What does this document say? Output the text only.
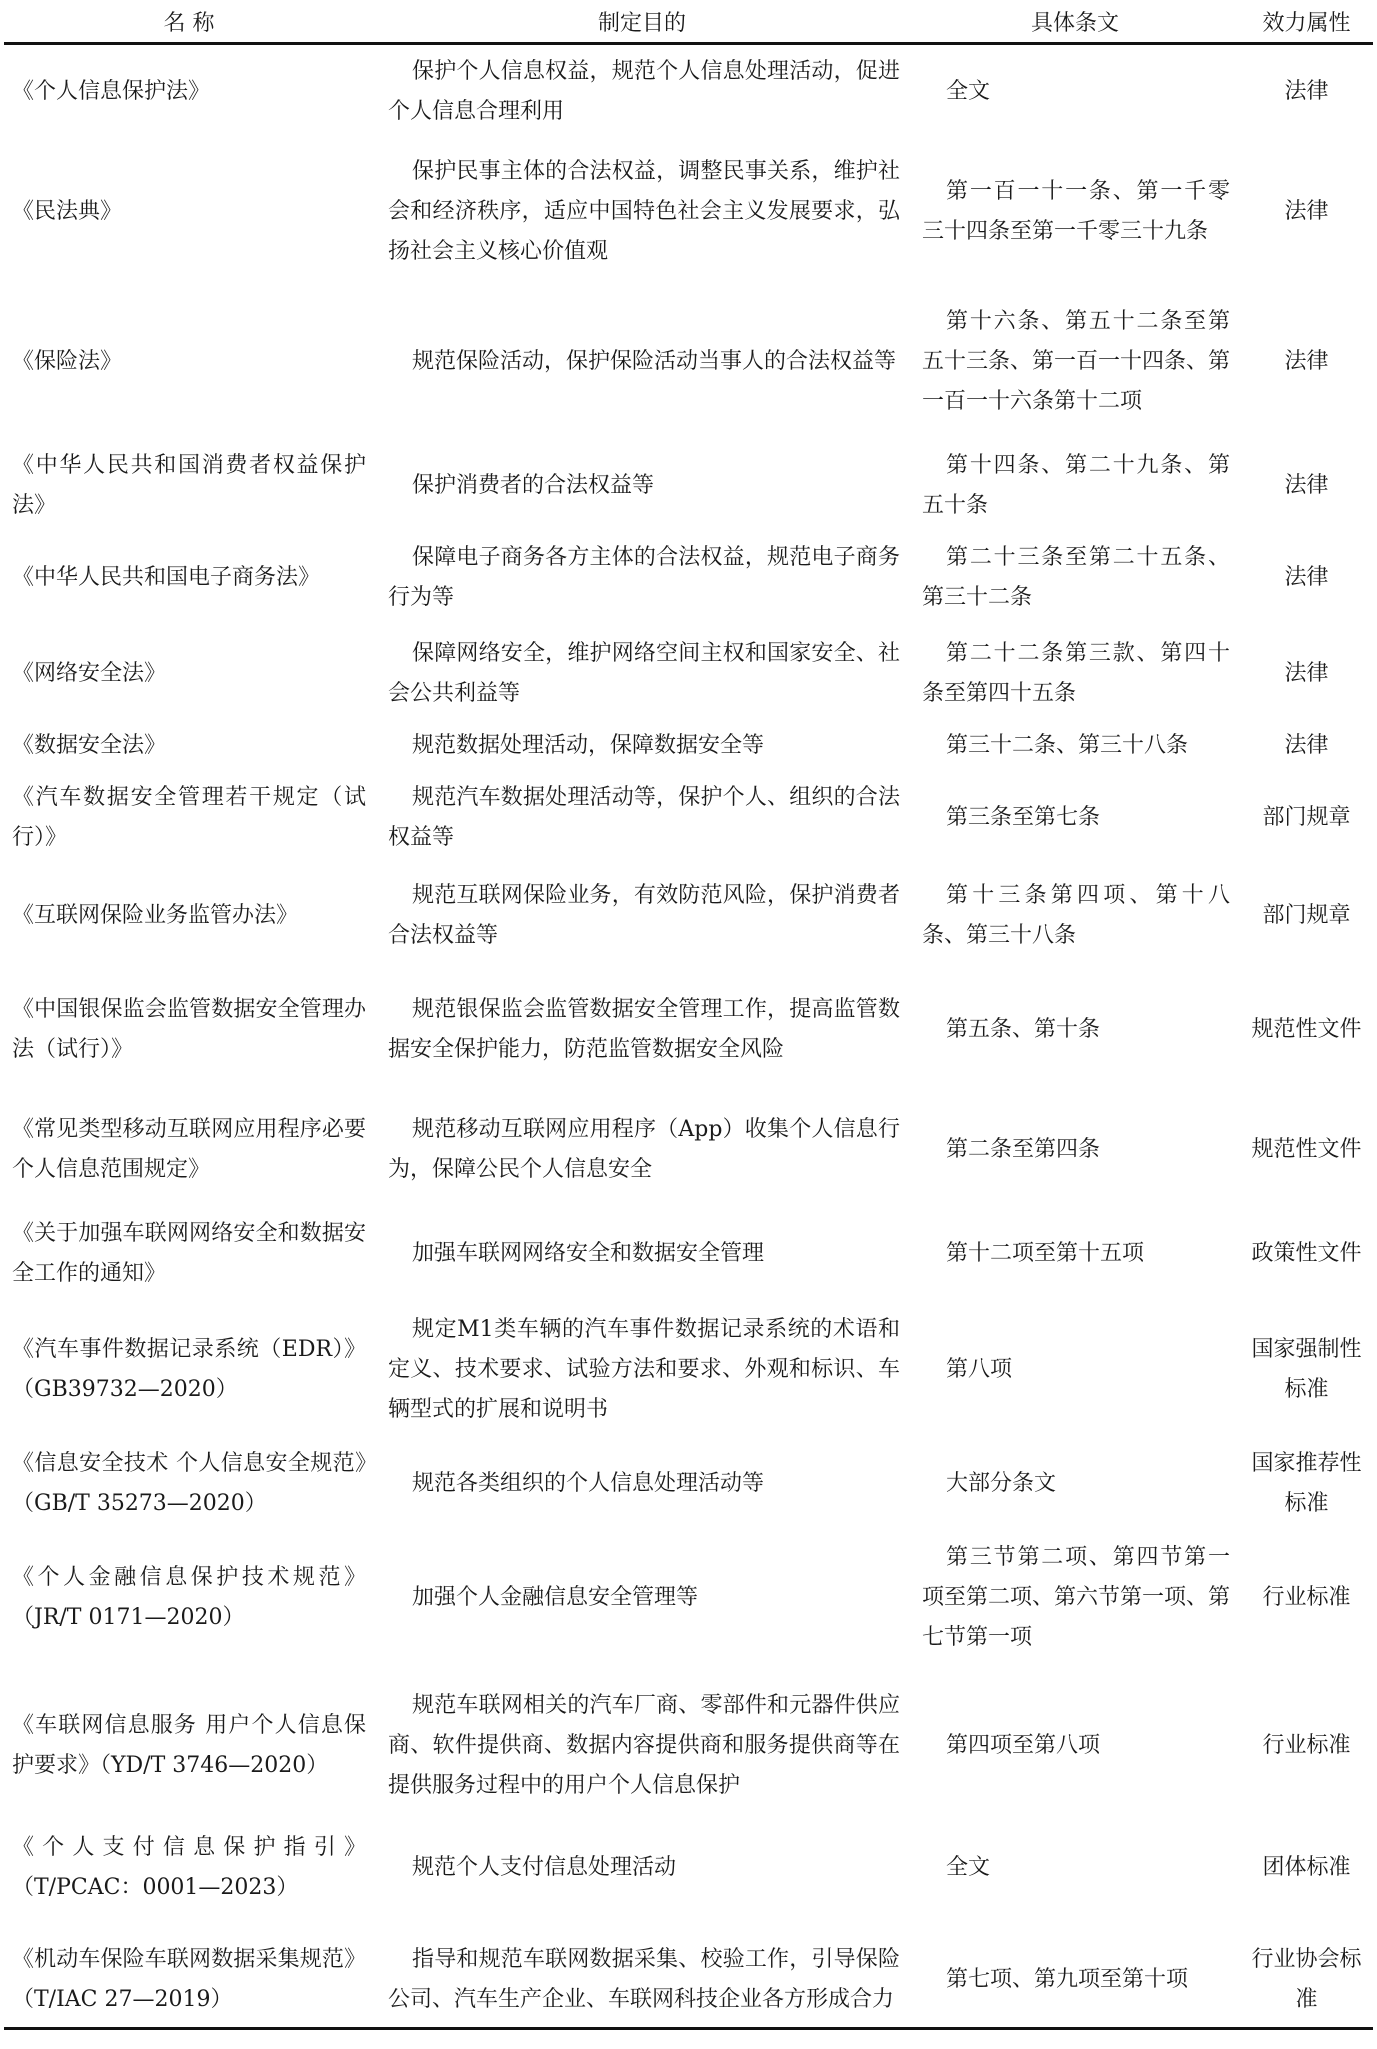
名 称	制定目的	具体条文	效力属性
《个人信息保护法》	保护个人信息权益，规范个人信息处理活动，促进个人信息合理利用	全文	法律
《民法典》	保护民事主体的合法权益，调整民事关系，维护社会和经济秩序，适应中国特色社会主义发展要求，弘扬社会主义核心价值观	第一百一十一条、第一千零三十四条至第一千零三十九条	法律
《保险法》	规范保险活动，保护保险活动当事人的合法权益等	第十六条、第五十二条至第五十三条、第一百一十四条、第一百一十六条第十二项	法律
《中华人民共和国消费者权益保护法》	保护消费者的合法权益等	第十四条、第二十九条、第五十条	法律
《中华人民共和国电子商务法》	保障电子商务各方主体的合法权益，规范电子商务行为等	第二十三条至第二十五条、第三十二条	法律
《网络安全法》	保障网络安全，维护网络空间主权和国家安全、社会公共利益等	第二十二条第三款、第四十条至第四十五条	法律
《数据安全法》	规范数据处理活动，保障数据安全等	第三十二条、第三十八条	法律
《汽车数据安全管理若干规定（试行）》	规范汽车数据处理活动等，保护个人、组织的合法权益等	第三条至第七条	部门规章
《互联网保险业务监管办法》	规范互联网保险业务，有效防范风险，保护消费者合法权益等	第十三条第四项、第十八条、第三十八条	部门规章
《中国银保监会监管数据安全管理办法（试行）》	规范银保监会监管数据安全管理工作，提高监管数据安全保护能力，防范监管数据安全风险	第五条、第十条	规范性文件
《常见类型移动互联网应用程序必要个人信息范围规定》	规范移动互联网应用程序（App）收集个人信息行为，保障公民个人信息安全	第二条至第四条	规范性文件
《关于加强车联网网络安全和数据安全工作的通知》	加强车联网网络安全和数据安全管理	第十二项至第十五项	政策性文件
《汽车事件数据记录系统（EDR）》（GB39732—2020）	规定M1类车辆的汽车事件数据记录系统的术语和定义、技术要求、试验方法和要求、外观和标识、车辆型式的扩展和说明书	第八项	国家强制性标准
《信息安全技术 个人信息安全规范》（GB/T 35273—2020）	规范各类组织的个人信息处理活动等	大部分条文	国家推荐性标准
《个人金融信息保护技术规范》（JR/T 0171—2020）	加强个人金融信息安全管理等	第三节第二项、第四节第一项至第二项、第六节第一项、第七节第一项	行业标准
《车联网信息服务 用户个人信息保护要求》（YD/T 3746—2020）	规范车联网相关的汽车厂商、零部件和元器件供应商、软件提供商、数据内容提供商和服务提供商等在提供服务过程中的用户个人信息保护	第四项至第八项	行业标准
《个人支付信息保护指引》（T/PCAC：0001—2023）	规范个人支付信息处理活动	全文	团体标准
《机动车保险车联网数据采集规范》（T/IAC 27—2019）	指导和规范车联网数据采集、校验工作，引导保险公司、汽车生产企业、车联网科技企业各方形成合力	第七项、第九项至第十项	行业协会标准
